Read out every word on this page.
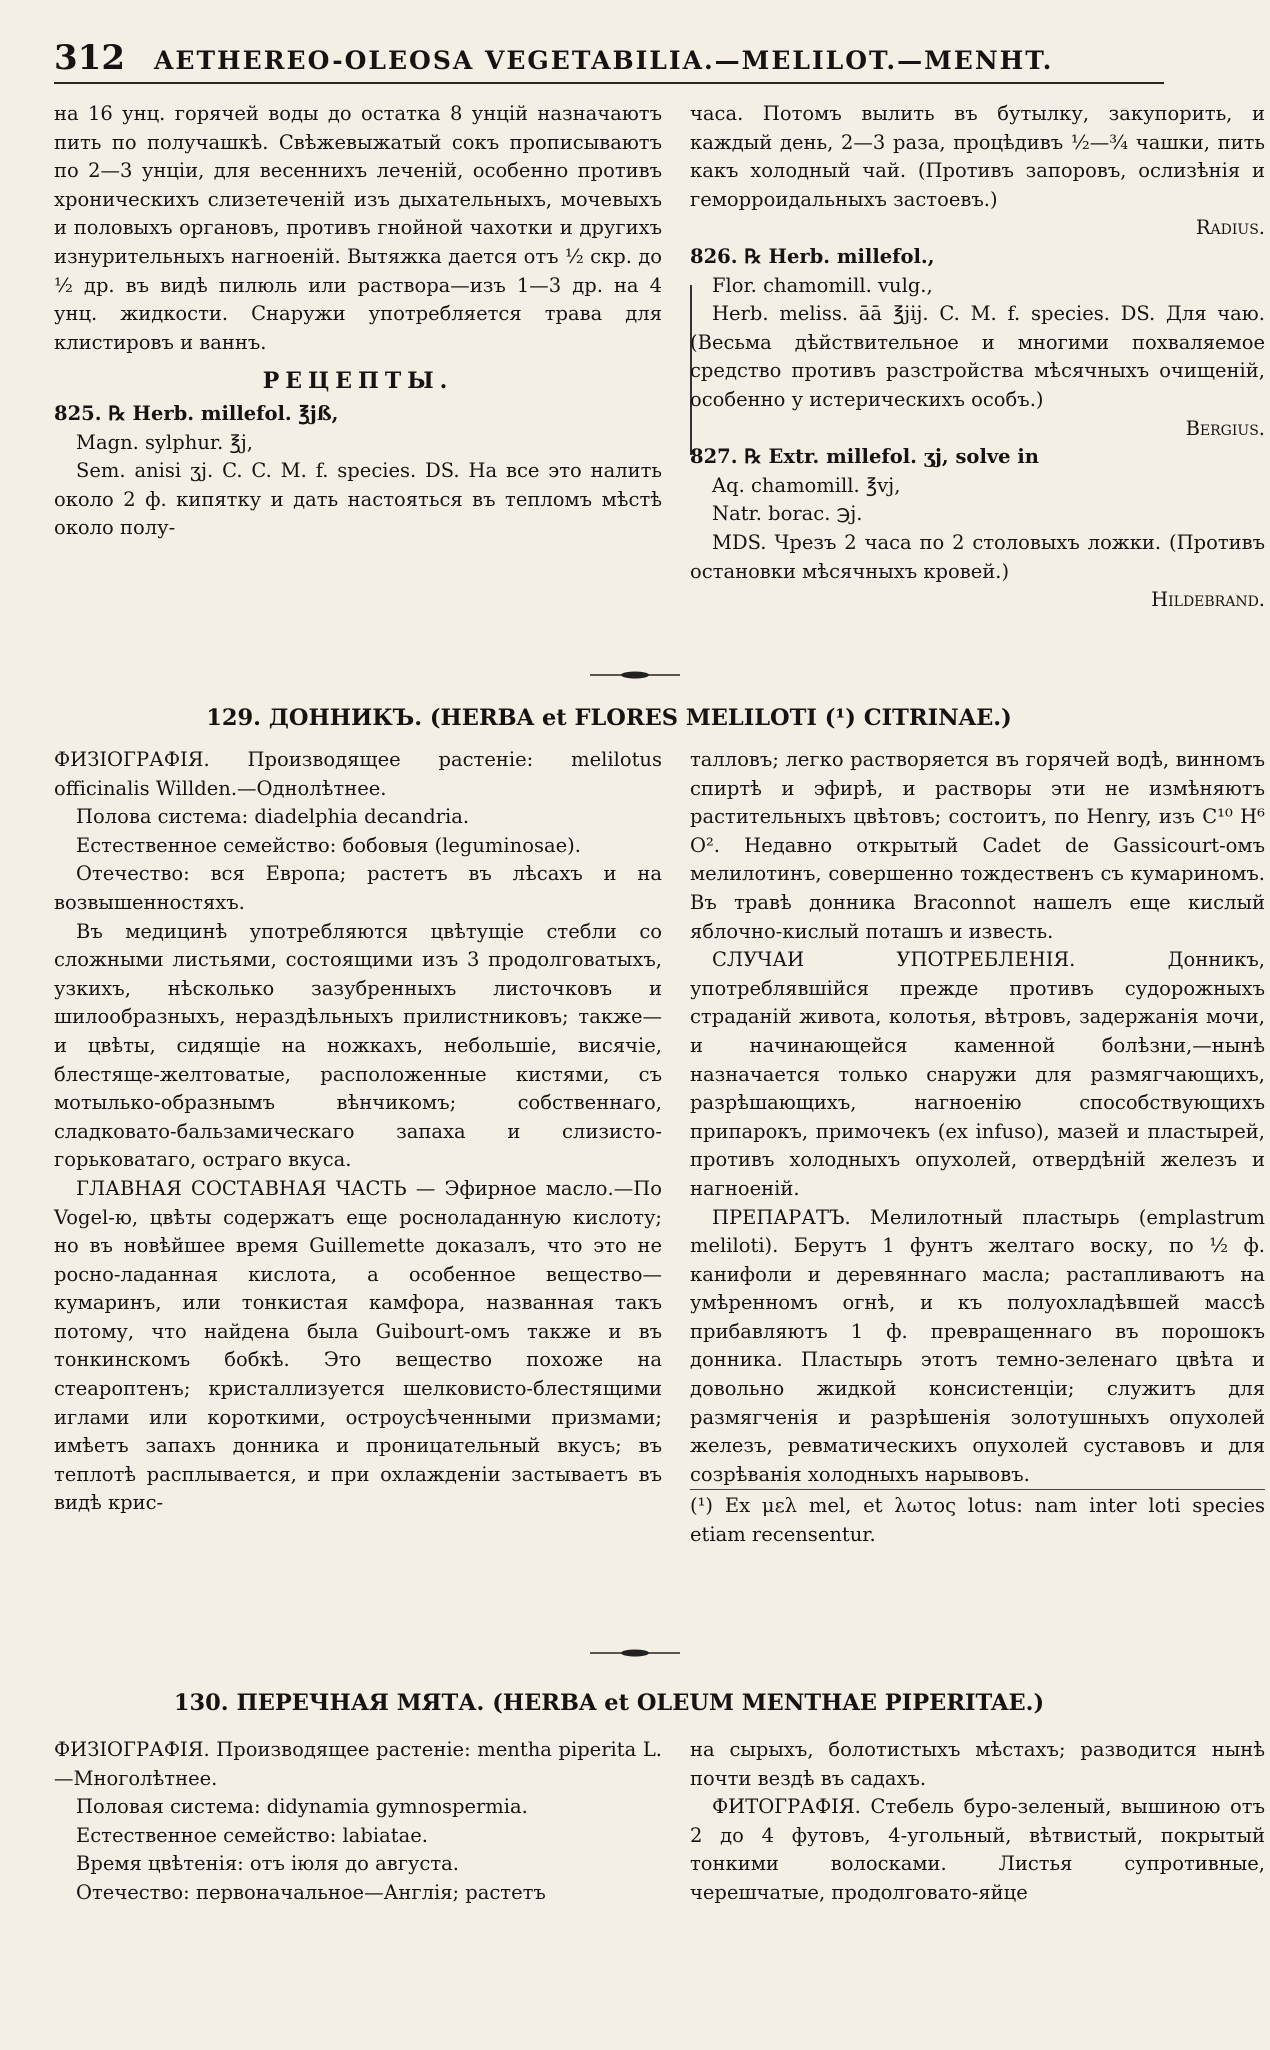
312	AETHEREO-OLEOSA VEGETABILIA.—MELILOT.—MENHT.

на 16 унц. горячей воды до остатка 8 унцій назначаютъ пить по получашкѣ. Свѣжевыжатый сокъ прописываютъ по 2—3 унціи, для весеннихъ леченій, особенно противъ хроническихъ слизетеченій изъ дыхательныхъ, мочевыхъ и половыхъ органовъ, противъ гнойной чахотки и другихъ изнурительныхъ нагноеній. Вытяжка дается отъ ½ скр. до ½ др. въ видѣ пилюль или раствора—изъ 1—3 др. на 4 унц. жидкости. Снаружи употребляется трава для клистировъ и ваннъ.

РЕЦЕПТЫ.

825. ℞ Herb. millefol. ℥jß,

Magn. sylphur. ℥j,

Sem. anisi ʒj. C. C. M. f. species. DS. На все это налить около 2 ф. кипятку и дать настояться въ тепломъ мѣстѣ около полу-

часа. Потомъ вылить въ бутылку, закупорить, и каждый день, 2—3 раза, процѣдивъ ½—¾ чашки, пить какъ холодный чай. (Противъ запоровъ, ослизѣнія и геморроидальныхъ застоевъ.)

Radius.

826. ℞ Herb. millefol.,

Flor. chamomill. vulg.,

Herb. meliss. āā ℥jij. C. M. f. species. DS. Для чаю. (Весьма дѣйствительное и многими похваляемое средство противъ разстройства мѣсячныхъ очищеній, особенно у истерическихъ особъ.)

Bergius.

827. ℞ Extr. millefol. ʒj, solve in

Aq. chamomill. ℥vj,

Natr. borac. ℈j.

MDS. Чрезъ 2 часа по 2 столовыхъ ложки. (Противъ остановки мѣсячныхъ кровей.)

Hildebrand.
129. ДОННИКЪ. (HERBA et FLORES MELILOTI (¹) CITRINAE.)

ФИЗІОГРАФІЯ. Производящее растеніе: melilotus officinalis Willden.—Однолѣтнее.

Полова система: diadelphia decandria.

Естественное семейство: бобовыя (leguminosae).

Отечество: вся Европа; растетъ въ лѣсахъ и на возвышенностяхъ.

Въ медицинѣ употребляются цвѣтущіе стебли со сложными листьями, состоящими изъ 3 продолговатыхъ, узкихъ, нѣсколько зазубренныхъ листочковъ и шилообразныхъ, нераздѣльныхъ прилистниковъ; также—и цвѣты, сидящіе на ножкахъ, небольшіе, висячіе, блестяще-желтоватые, расположенные кистями, съ мотылько-образнымъ вѣнчикомъ; собственнаго, сладковато-бальзамическаго запаха и слизисто-горьковатаго, остраго вкуса.

ГЛАВНАЯ СОСТАВНАЯ ЧАСТЬ — Эфирное масло.—По Vogel-ю, цвѣты содержатъ еще росноладанную кислоту; но въ новѣйшее время Guillemette доказалъ, что это не росно-ладанная кислота, а особенное вещество—кумаринъ, или тонкистая камфора, названная такъ потому, что найдена была Guibourt-омъ также и въ тонкинскомъ бобкѣ. Это вещество похоже на стеароптенъ; кристаллизуется шелковисто-блестящими иглами или короткими, остроусѣченными призмами; имѣетъ запахъ донника и проницательный вкусъ; въ теплотѣ расплывается, и при охлажденіи застываетъ въ видѣ крис-

талловъ; легко растворяется въ горячей водѣ, винномъ спиртѣ и эфирѣ, и растворы эти не измѣняютъ растительныхъ цвѣтовъ; состоитъ, по Henry, изъ C¹⁰ H⁶ O². Недавно открытый Cadet de Gassicourt-омъ мелилотинъ, совершенно тождественъ съ кумариномъ. Въ травѣ донника Braconnot нашелъ еще кислый яблочно-кислый поташъ и известь.

СЛУЧАИ УПОТРЕБЛЕНІЯ. Донникъ, употреблявшійся прежде противъ судорожныхъ страданій живота, колотья, вѣтровъ, задержанія мочи, и начинающейся каменной болѣзни,—нынѣ назначается только снаружи для размягчающихъ, разрѣшающихъ, нагноенію способствующихъ припарокъ, примочекъ (ex infuso), мазей и пластырей, противъ холодныхъ опухолей, отвердѣній железъ и нагноеній.

ПРЕПАРАТЪ. Мелилотный пластырь (emplastrum meliloti). Берутъ 1 фунтъ желтаго воску, по ½ ф. канифоли и деревяннаго масла; растапливаютъ на умѣренномъ огнѣ, и къ полуохладѣвшей массѣ прибавляютъ 1 ф. превращеннаго въ порошокъ донника. Пластырь этотъ темно-зеленаго цвѣта и довольно жидкой консистенціи; служитъ для размягченія и разрѣшенія золотушныхъ опухолей железъ, ревматическихъ опухолей суставовъ и для созрѣванія холодныхъ нарывовъ.

(¹) Ex μελ mel, et λωτος lotus: nam inter loti species etiam recensentur.

130. ПЕРЕЧНАЯ МЯТА. (HERBA et OLEUM MENTHAE PIPERITAE.)

ФИЗІОГРАФІЯ. Производящее растеніе: mentha piperita L.—Многолѣтнее.

Половая система: didynamia gymnospermia.

Естественное семейство: labiatae.

Время цвѣтенія: отъ іюля до августа.

Отечество: первоначальное—Англія; растетъ

на сырыхъ, болотистыхъ мѣстахъ; разводится нынѣ почти вездѣ въ садахъ.

ФИТОГРАФІЯ. Стебель буро-зеленый, вышиною отъ 2 до 4 футовъ, 4-угольный, вѣтвистый, покрытый тонкими волосками. Листья супротивные, черешчатые, продолговато-яйце
